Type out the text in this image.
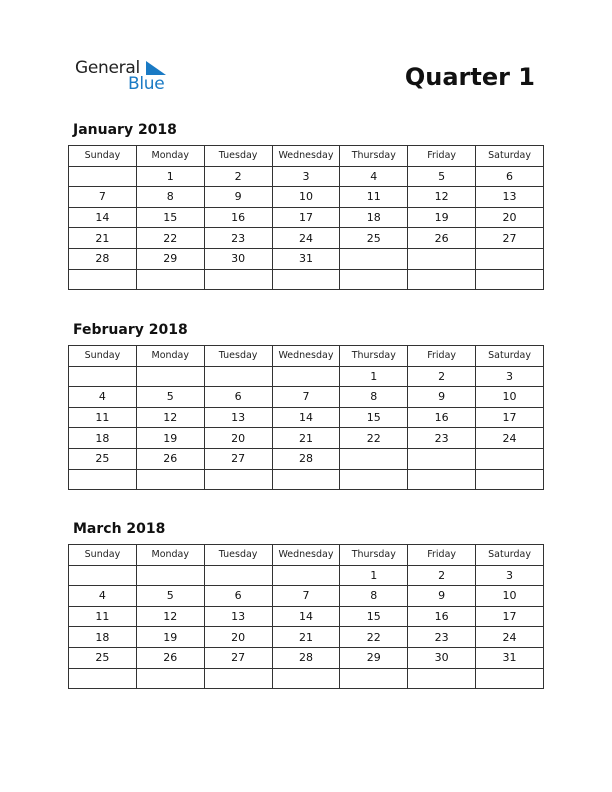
General
Blue	Quarter 1
January 2018
Sunday	Monday	Tuesday	Wednesday	Thursday	Friday	Saturday
	1	2	3	4	5	6
7	8	9	10	11	12	13
14	15	16	17	18	19	20
21	22	23	24	25	26	27
28	29	30	31			

February 2018
Sunday	Monday	Tuesday	Wednesday	Thursday	Friday	Saturday
				1	2	3
4	5	6	7	8	9	10
11	12	13	14	15	16	17
18	19	20	21	22	23	24
25	26	27	28			

March 2018
Sunday	Monday	Tuesday	Wednesday	Thursday	Friday	Saturday
				1	2	3
4	5	6	7	8	9	10
11	12	13	14	15	16	17
18	19	20	21	22	23	24
25	26	27	28	29	30	31
